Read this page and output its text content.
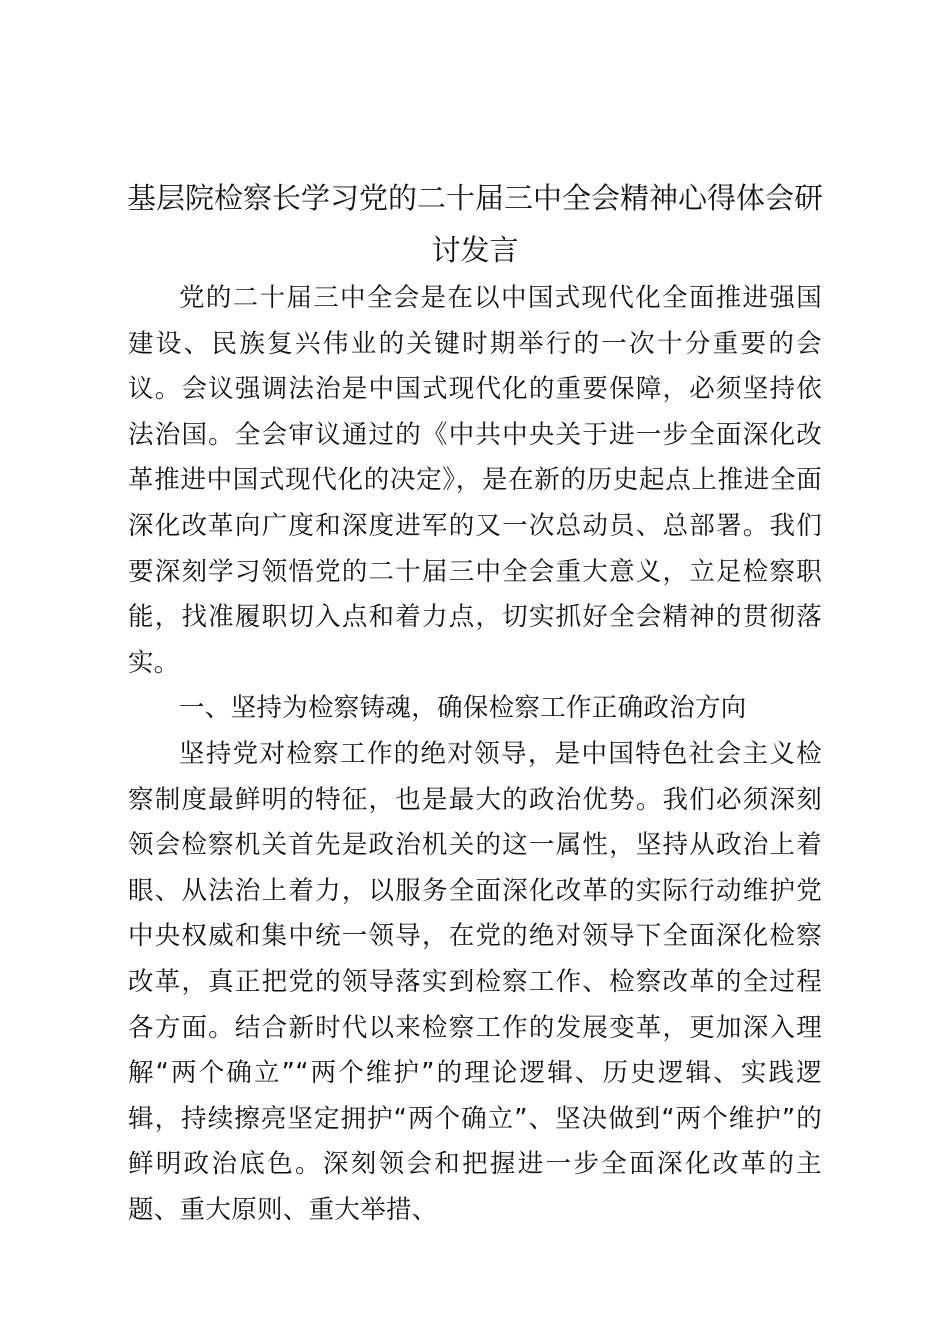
基层院检察长学习党的二十届三中全会精神心得体会研讨发言

党的二十届三中全会是在以中国式现代化全面推进强国建设、民族复兴伟业的关键时期举行的一次十分重要的会议。会议强调法治是中国式现代化的重要保障，必须坚持依法治国。全会审议通过的《中共中央关于进一步全面深化改革推进中国式现代化的决定》，是在新的历史起点上推进全面深化改革向广度和深度进军的又一次总动员、总部署。我们要深刻学习领悟党的二十届三中全会重大意义，立足检察职能，找准履职切入点和着力点，切实抓好全会精神的贯彻落实。

一、坚持为检察铸魂，确保检察工作正确政治方向

坚持党对检察工作的绝对领导，是中国特色社会主义检察制度最鲜明的特征，也是最大的政治优势。我们必须深刻领会检察机关首先是政治机关的这一属性，坚持从政治上着眼、从法治上着力，以服务全面深化改革的实际行动维护党中央权威和集中统一领导，在党的绝对领导下全面深化检察改革，真正把党的领导落实到检察工作、检察改革的全过程各方面。结合新时代以来检察工作的发展变革，更加深入理解“两个确立”“两个维护”的理论逻辑、历史逻辑、实践逻辑，持续擦亮坚定拥护“两个确立”、坚决做到“两个维护”的鲜明政治底色。深刻领会和把握进一步全面深化改革的主题、重大原则、重大举措、
